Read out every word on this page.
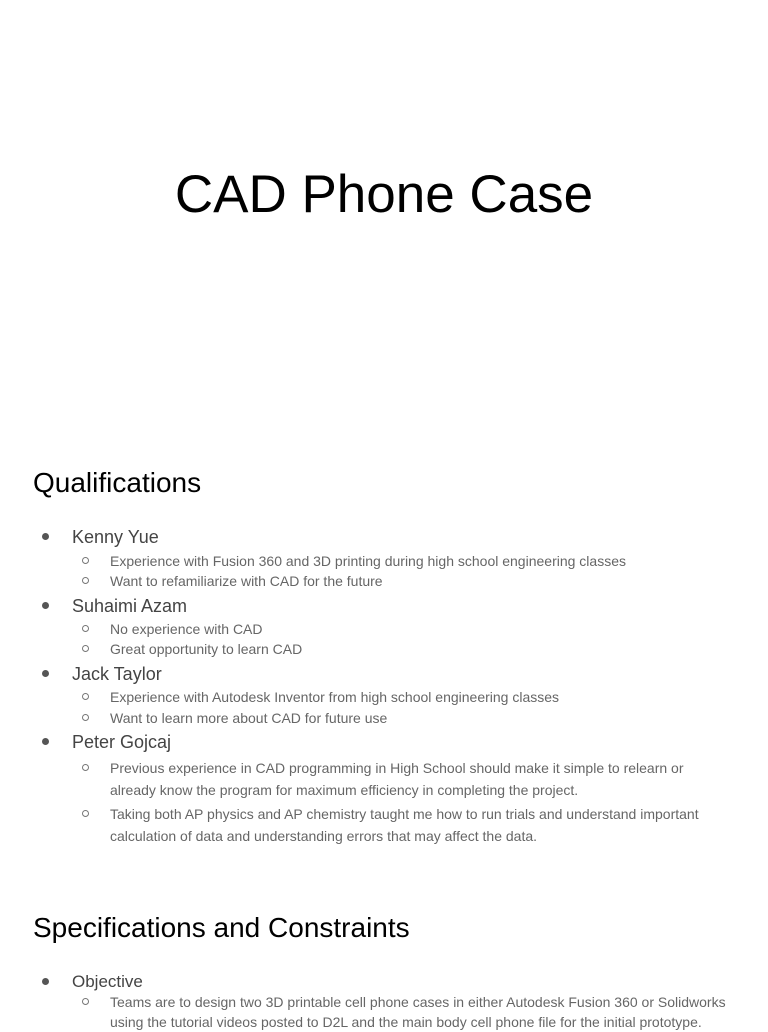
CAD Phone Case
Qualifications
Kenny Yue
Experience with Fusion 360 and 3D printing during high school engineering classes
Want to refamiliarize with CAD for the future
Suhaimi Azam
No experience with CAD
Great opportunity to learn CAD
Jack Taylor
Experience with Autodesk Inventor from high school engineering classes
Want to learn more about CAD for future use
Peter Gojcaj
Previous experience in CAD programming in High School should make it simple to relearn or already know the program for maximum efficiency in completing the project.
Taking both AP physics and AP chemistry taught me how to run trials and understand important calculation of data and understanding errors that may affect the data.
Specifications and Constraints
Objective
Teams are to design two 3D printable cell phone cases in either Autodesk Fusion 360 or Solidworks using the tutorial videos posted to D2L and the main body cell phone file for the initial prototype.
